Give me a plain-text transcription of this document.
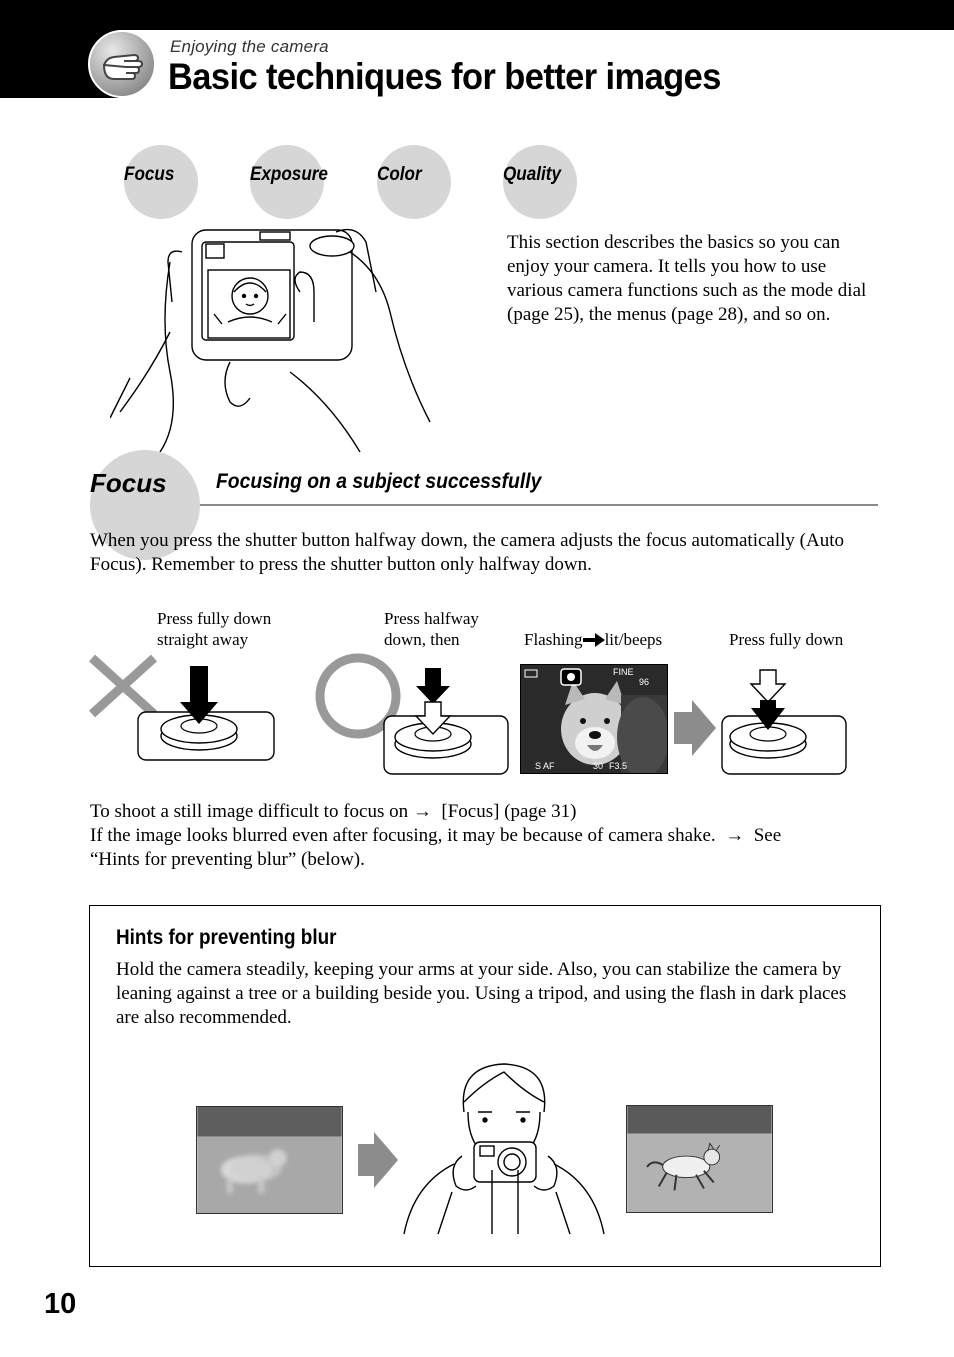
Enjoying the camera
Basic techniques for better images
Focus	Exposure	Color	Quality
This section describes the basics so you can enjoy your camera. It tells you how to use various camera functions such as the mode dial (page 25), the menus (page 28), and so on.
Focus Focusing on a subject successfully
When you press the shutter button halfway down, the camera adjusts the focus automatically (Auto Focus). Remember to press the shutter button only halfway down.
Press fully down
straight away
Press halfway
down, then	Flashing lit/beeps	Press fully down
FINE
96
S AF	30 F3.5
To shoot a still image difficult to focus on → [Focus] (page 31)
If the image looks blurred even after focusing, it may be because of camera shake. → See
“Hints for preventing blur” (below).
Hints for preventing blur
Hold the camera steadily, keeping your arms at your side. Also, you can stabilize the camera by leaning against a tree or a building beside you. Using a tripod, and using the flash in dark places are also recommended.
10
